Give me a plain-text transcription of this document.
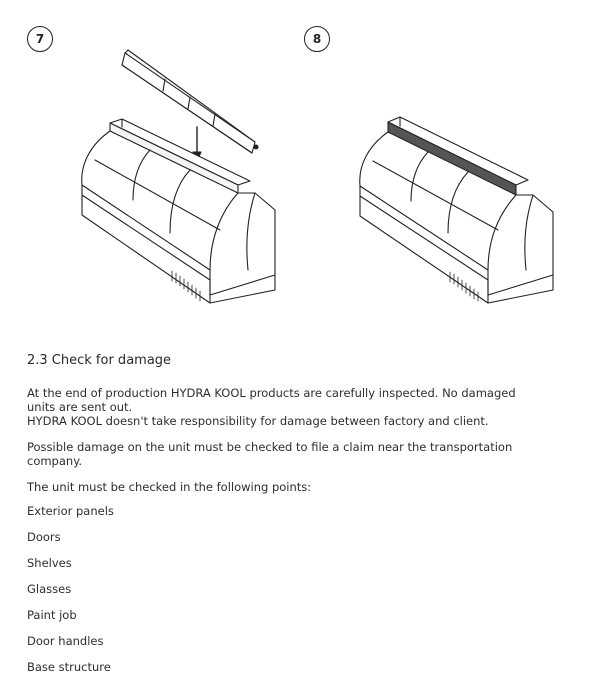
7	8
2.3 Check for damage

At the end of production HYDRA KOOL products are carefully inspected. No damaged

units are sent out.

HYDRA KOOL doesn't take responsibility for damage between factory and client.

Possible damage on the unit must be checked to file a claim near the transportation

company.

The unit must be checked in the following points:

Exterior panels
Doors
Shelves
Glasses
Paint job
Door handles
Base structure
